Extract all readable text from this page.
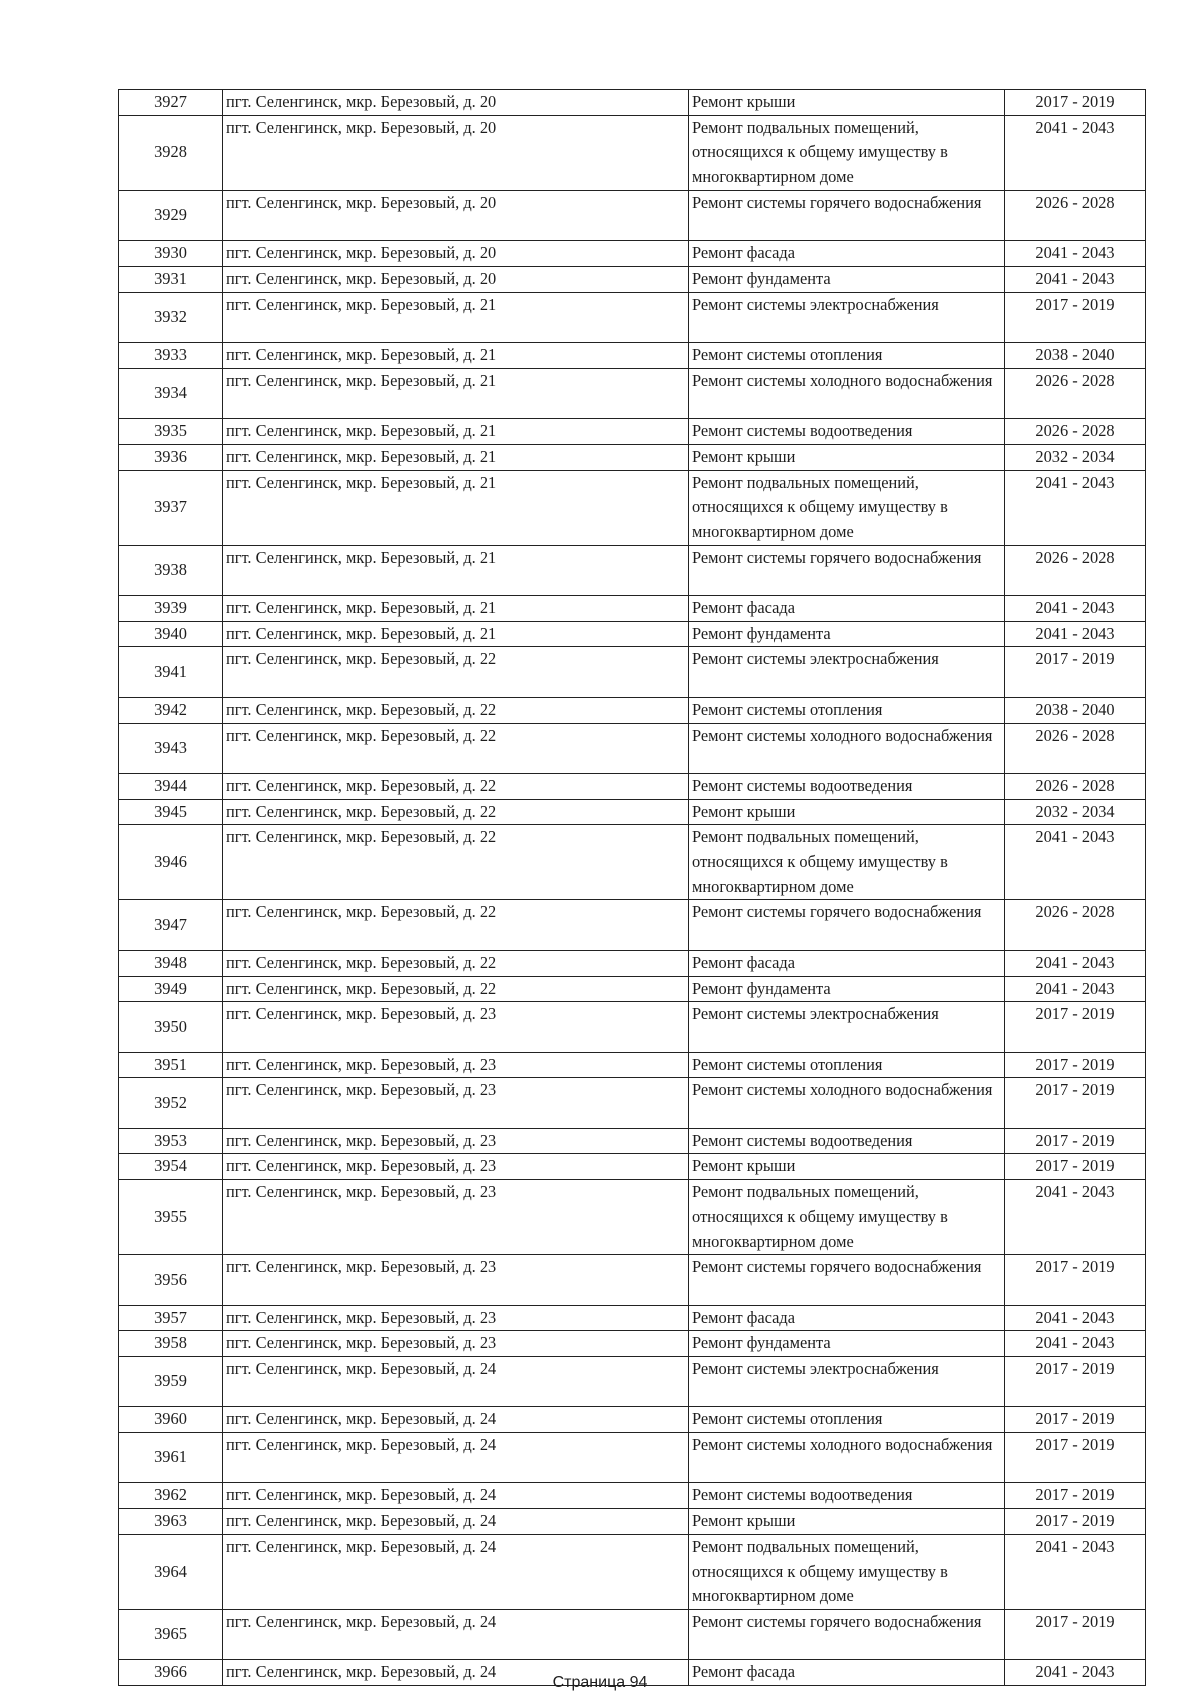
3927	пгт. Селенгинск, мкр. Березовый, д. 20	Ремонт крыши	2017 - 2019
3928	пгт. Селенгинск, мкр. Березовый, д. 20	Ремонт подвальных помещений, относящихся к общему имуществу в многоквартирном доме	2041 - 2043
3929	пгт. Селенгинск, мкр. Березовый, д. 20	Ремонт системы горячего водоснабжения	2026 - 2028
3930	пгт. Селенгинск, мкр. Березовый, д. 20	Ремонт фасада	2041 - 2043
3931	пгт. Селенгинск, мкр. Березовый, д. 20	Ремонт фундамента	2041 - 2043
3932	пгт. Селенгинск, мкр. Березовый, д. 21	Ремонт системы электроснабжения	2017 - 2019
3933	пгт. Селенгинск, мкр. Березовый, д. 21	Ремонт системы отопления	2038 - 2040
3934	пгт. Селенгинск, мкр. Березовый, д. 21	Ремонт системы холодного водоснабжения	2026 - 2028
3935	пгт. Селенгинск, мкр. Березовый, д. 21	Ремонт системы водоотведения	2026 - 2028
3936	пгт. Селенгинск, мкр. Березовый, д. 21	Ремонт крыши	2032 - 2034
3937	пгт. Селенгинск, мкр. Березовый, д. 21	Ремонт подвальных помещений, относящихся к общему имуществу в многоквартирном доме	2041 - 2043
3938	пгт. Селенгинск, мкр. Березовый, д. 21	Ремонт системы горячего водоснабжения	2026 - 2028
3939	пгт. Селенгинск, мкр. Березовый, д. 21	Ремонт фасада	2041 - 2043
3940	пгт. Селенгинск, мкр. Березовый, д. 21	Ремонт фундамента	2041 - 2043
3941	пгт. Селенгинск, мкр. Березовый, д. 22	Ремонт системы электроснабжения	2017 - 2019
3942	пгт. Селенгинск, мкр. Березовый, д. 22	Ремонт системы отопления	2038 - 2040
3943	пгт. Селенгинск, мкр. Березовый, д. 22	Ремонт системы холодного водоснабжения	2026 - 2028
3944	пгт. Селенгинск, мкр. Березовый, д. 22	Ремонт системы водоотведения	2026 - 2028
3945	пгт. Селенгинск, мкр. Березовый, д. 22	Ремонт крыши	2032 - 2034
3946	пгт. Селенгинск, мкр. Березовый, д. 22	Ремонт подвальных помещений, относящихся к общему имуществу в многоквартирном доме	2041 - 2043
3947	пгт. Селенгинск, мкр. Березовый, д. 22	Ремонт системы горячего водоснабжения	2026 - 2028
3948	пгт. Селенгинск, мкр. Березовый, д. 22	Ремонт фасада	2041 - 2043
3949	пгт. Селенгинск, мкр. Березовый, д. 22	Ремонт фундамента	2041 - 2043
3950	пгт. Селенгинск, мкр. Березовый, д. 23	Ремонт системы электроснабжения	2017 - 2019
3951	пгт. Селенгинск, мкр. Березовый, д. 23	Ремонт системы отопления	2017 - 2019
3952	пгт. Селенгинск, мкр. Березовый, д. 23	Ремонт системы холодного водоснабжения	2017 - 2019
3953	пгт. Селенгинск, мкр. Березовый, д. 23	Ремонт системы водоотведения	2017 - 2019
3954	пгт. Селенгинск, мкр. Березовый, д. 23	Ремонт крыши	2017 - 2019
3955	пгт. Селенгинск, мкр. Березовый, д. 23	Ремонт подвальных помещений, относящихся к общему имуществу в многоквартирном доме	2041 - 2043
3956	пгт. Селенгинск, мкр. Березовый, д. 23	Ремонт системы горячего водоснабжения	2017 - 2019
3957	пгт. Селенгинск, мкр. Березовый, д. 23	Ремонт фасада	2041 - 2043
3958	пгт. Селенгинск, мкр. Березовый, д. 23	Ремонт фундамента	2041 - 2043
3959	пгт. Селенгинск, мкр. Березовый, д. 24	Ремонт системы электроснабжения	2017 - 2019
3960	пгт. Селенгинск, мкр. Березовый, д. 24	Ремонт системы отопления	2017 - 2019
3961	пгт. Селенгинск, мкр. Березовый, д. 24	Ремонт системы холодного водоснабжения	2017 - 2019
3962	пгт. Селенгинск, мкр. Березовый, д. 24	Ремонт системы водоотведения	2017 - 2019
3963	пгт. Селенгинск, мкр. Березовый, д. 24	Ремонт крыши	2017 - 2019
3964	пгт. Селенгинск, мкр. Березовый, д. 24	Ремонт подвальных помещений, относящихся к общему имуществу в многоквартирном доме	2041 - 2043
3965	пгт. Селенгинск, мкр. Березовый, д. 24	Ремонт системы горячего водоснабжения	2017 - 2019
3966	пгт. Селенгинск, мкр. Березовый, д. 24	Ремонт фасада	2041 - 2043
Страница 94
